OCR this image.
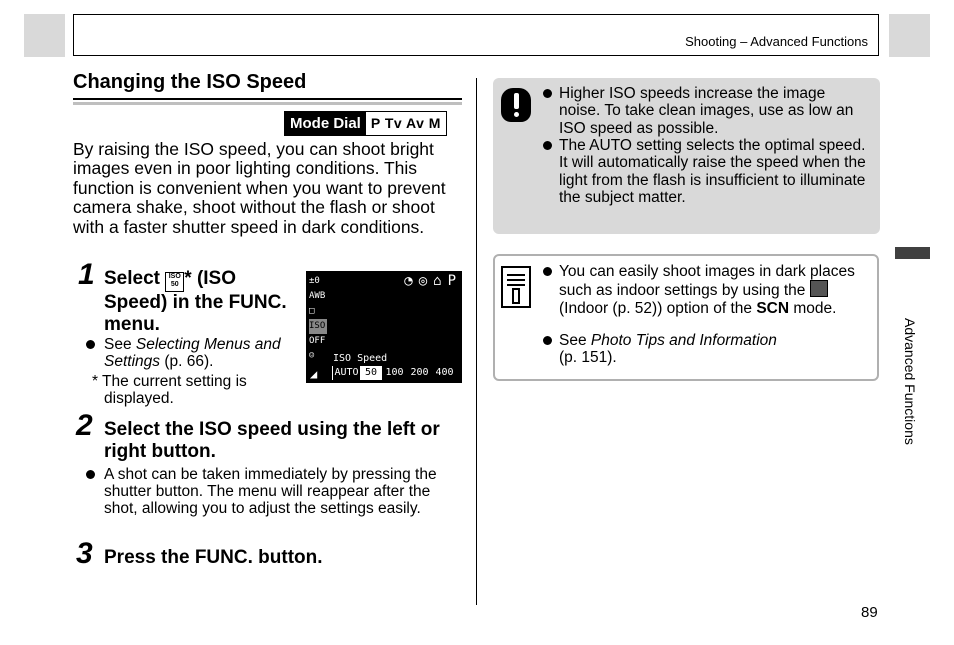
Shooting – Advanced Functions
Changing the ISO Speed
Mode Dial P Tv Av M
By raising the ISO speed, you can shoot bright images even in poor lighting conditions. This function is convenient when you want to prevent camera shake, shoot without the flash or shoot with a faster shutter speed in dark conditions.
1 Select ISO
50 * (ISO Speed) in the FUNC. menu.
See Selecting Menus and Settings (p. 66).
* The current setting is displayed.
±0
AWB
□
ISO
OFF
☺
◔ ◎ ⌂ P
ISO Speed
◢ AUTO 50 100 200 400
2 Select the ISO speed using the left or right button.
A shot can be taken immediately by pressing the shutter button. The menu will reappear after the shot, allowing you to adjust the settings easily.
3 Press the FUNC. button.
Higher ISO speeds increase the image noise. To take clean images, use as low an ISO speed as possible.
The AUTO setting selects the optimal speed. It will automatically raise the speed when the light from the flash is insufficient to illuminate the subject matter.
You can easily shoot images in dark places such as indoor settings by using the  (Indoor (p. 52)) option of the SCN mode.
See Photo Tips and Information
(p. 151).	Advanced Functions
89
